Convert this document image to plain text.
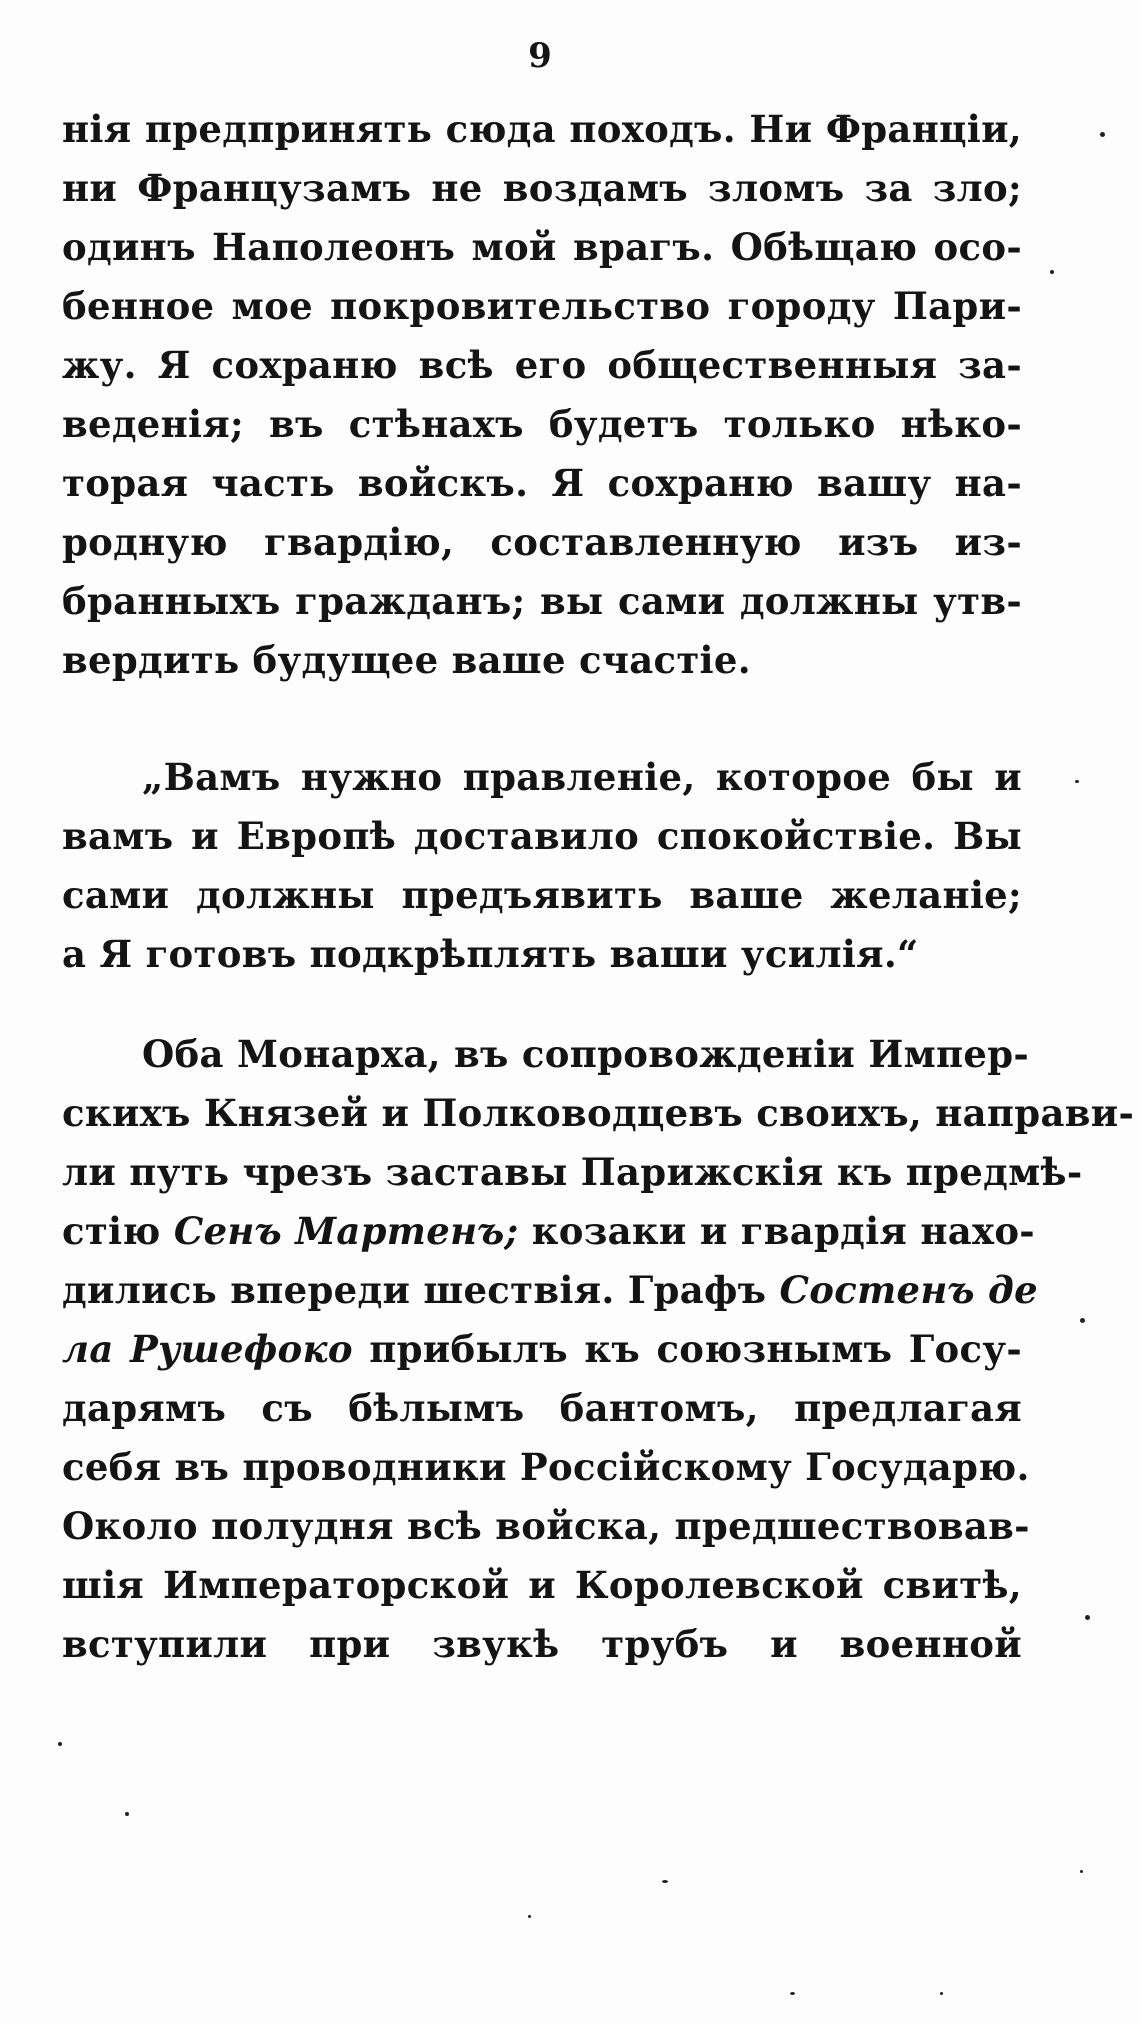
9
нія предпринять сюда походъ. Ни Франціи,
ни Французамъ не воздамъ зломъ за зло;
одинъ Наполеонъ мой врагъ. Обѣщаю осо-
бенное мое покровительство городу Пари-
жу. Я сохраню всѣ его общественныя за-
веденія; въ стѣнахъ будетъ только нѣко-
торая часть войскъ. Я сохраню вашу на-
родную гвардію, составленную изъ из-
бранныхъ гражданъ; вы сами должны утв-
вердить будущее ваше счастіе.
„Вамъ нужно правленіе, которое бы и
вамъ и Европѣ доставило спокойствіе. Вы
сами должны предъявить ваше желаніе;
а Я готовъ подкрѣплять ваши усилія.“
Оба Монарха, въ сопровожденіи Импер-
скихъ Князей и Полководцевъ своихъ, направи-
ли путь чрезъ заставы Парижскія къ предмѣ-
стію Сенъ Мартенъ; козаки и гвардія нахо-
дились впереди шествія. Графъ Состенъ де
ла Рушефоко прибылъ къ союзнымъ Госу-
дарямъ съ бѣлымъ бантомъ, предлагая
себя въ проводники Россійскому Государю.
Около полудня всѣ войска, предшествовав-
шія Императорской и Королевской свитѣ,
вступили при звукѣ трубъ и военной
